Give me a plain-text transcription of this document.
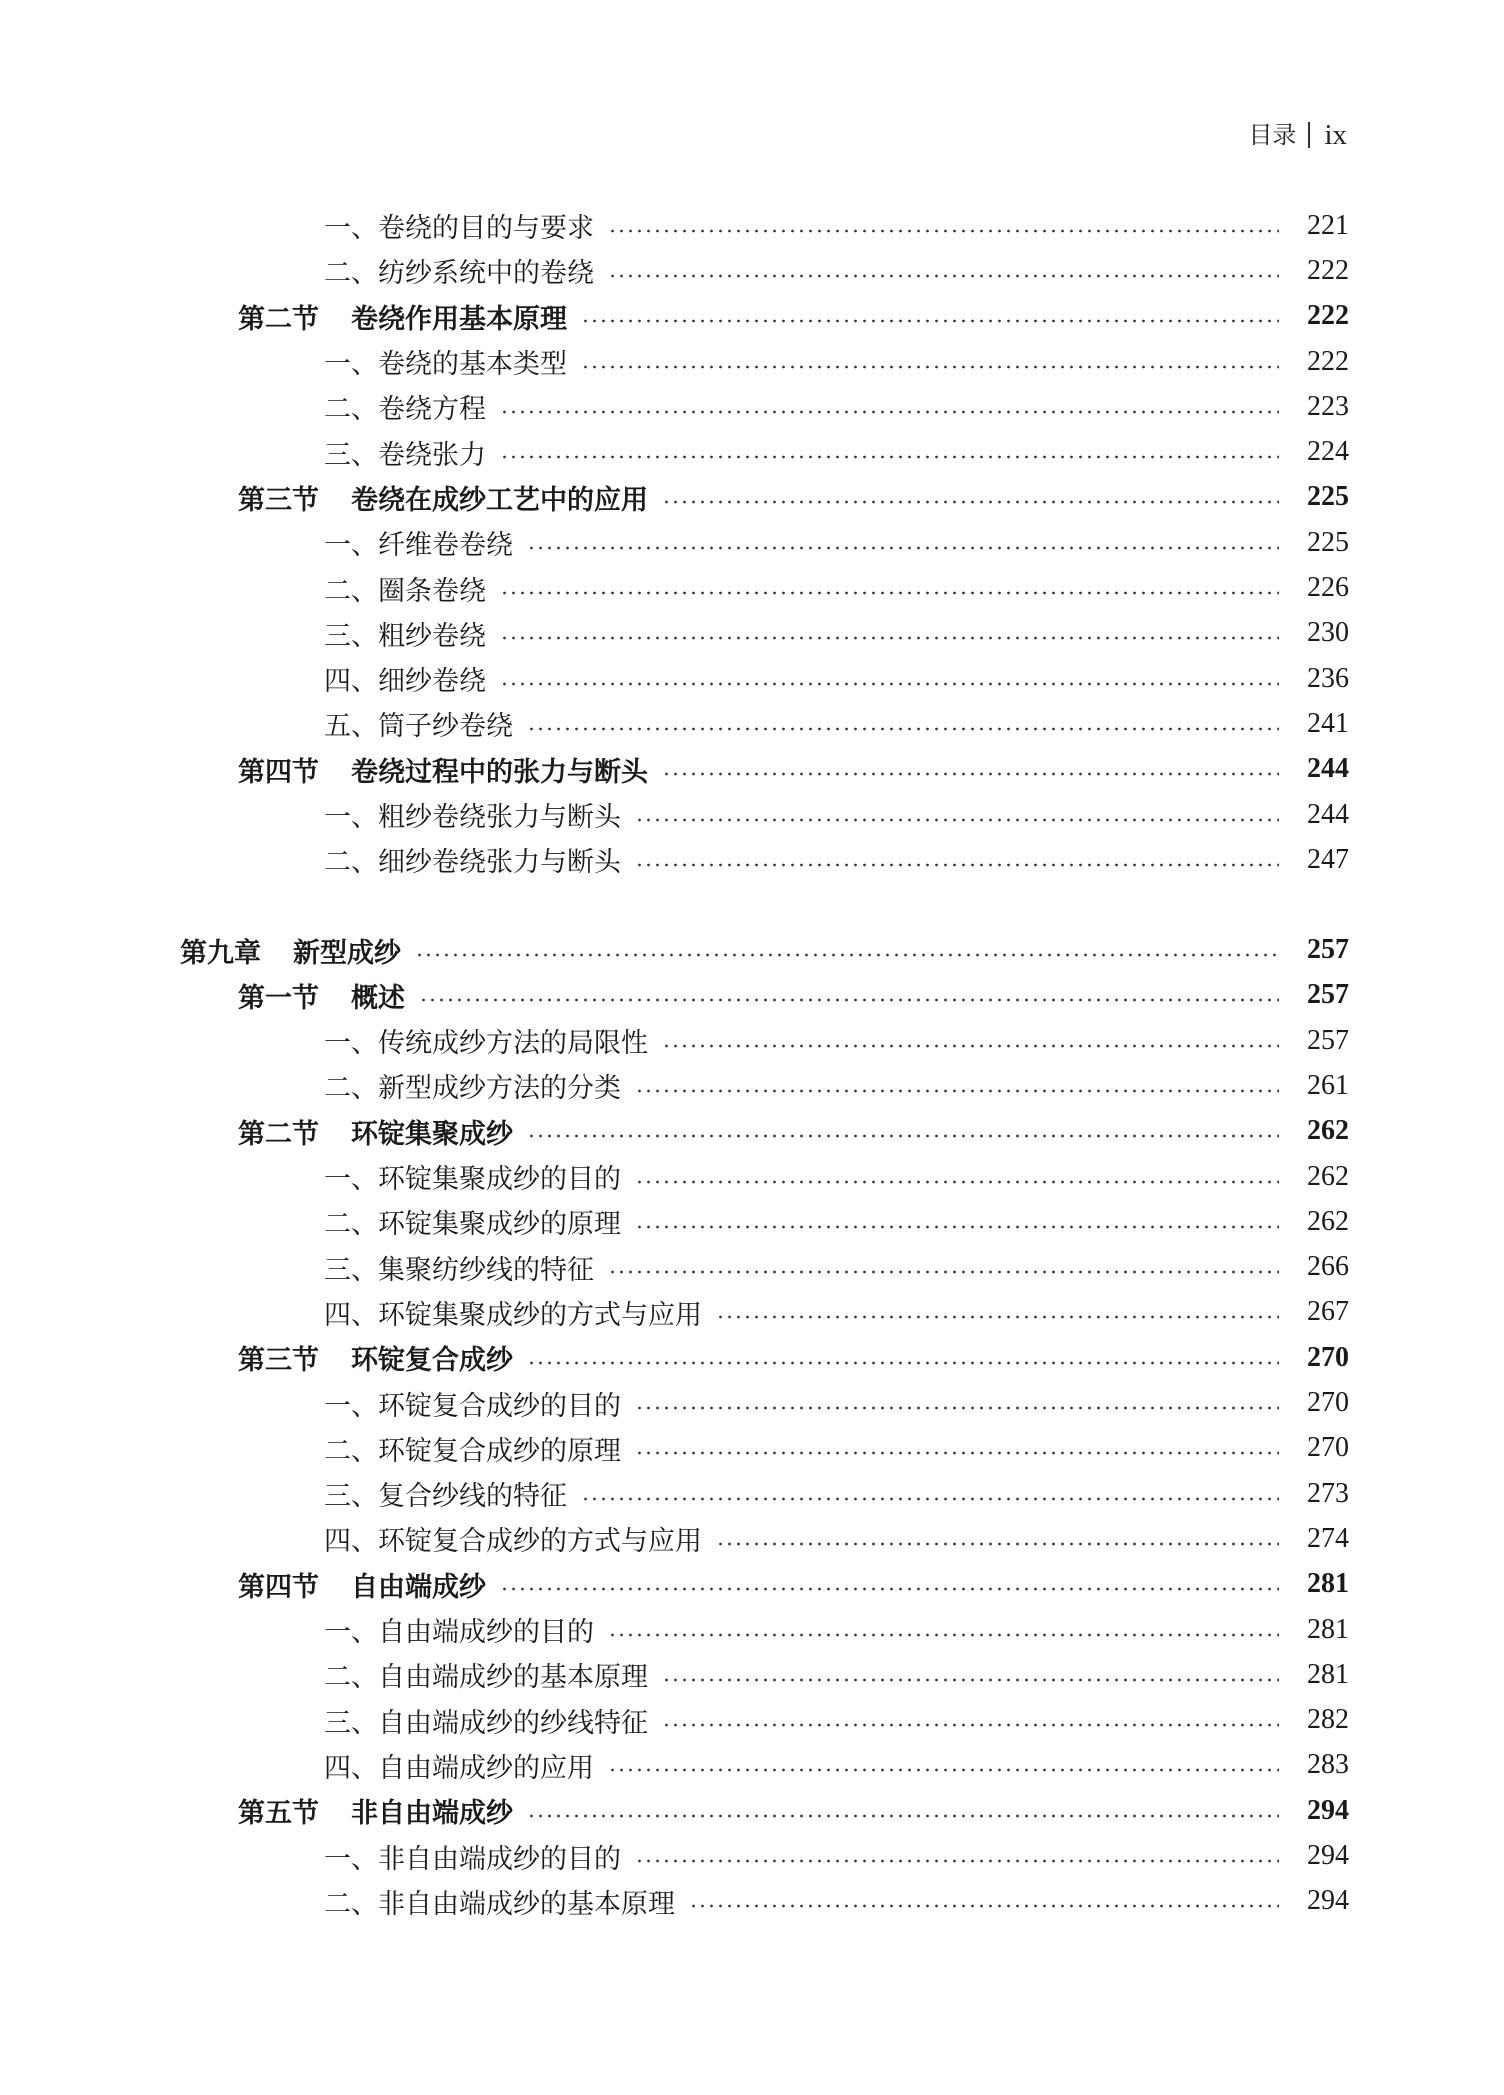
目录 ix
一、卷绕的目的与要求	221
二、纺纱系统中的卷绕	222
第二节 卷绕作用基本原理	222
一、卷绕的基本类型	222
二、卷绕方程	223
三、卷绕张力	224
第三节 卷绕在成纱工艺中的应用	225
一、纤维卷卷绕	225
二、圈条卷绕	226
三、粗纱卷绕	230
四、细纱卷绕	236
五、筒子纱卷绕	241
第四节 卷绕过程中的张力与断头	244
一、粗纱卷绕张力与断头	244
二、细纱卷绕张力与断头	247
第九章 新型成纱	257
第一节 概述	257
一、传统成纱方法的局限性	257
二、新型成纱方法的分类	261
第二节 环锭集聚成纱	262
一、环锭集聚成纱的目的	262
二、环锭集聚成纱的原理	262
三、集聚纺纱线的特征	266
四、环锭集聚成纱的方式与应用	267
第三节 环锭复合成纱	270
一、环锭复合成纱的目的	270
二、环锭复合成纱的原理	270
三、复合纱线的特征	273
四、环锭复合成纱的方式与应用	274
第四节 自由端成纱	281
一、自由端成纱的目的	281
二、自由端成纱的基本原理	281
三、自由端成纱的纱线特征	282
四、自由端成纱的应用	283
第五节 非自由端成纱	294
一、非自由端成纱的目的	294
二、非自由端成纱的基本原理	294
